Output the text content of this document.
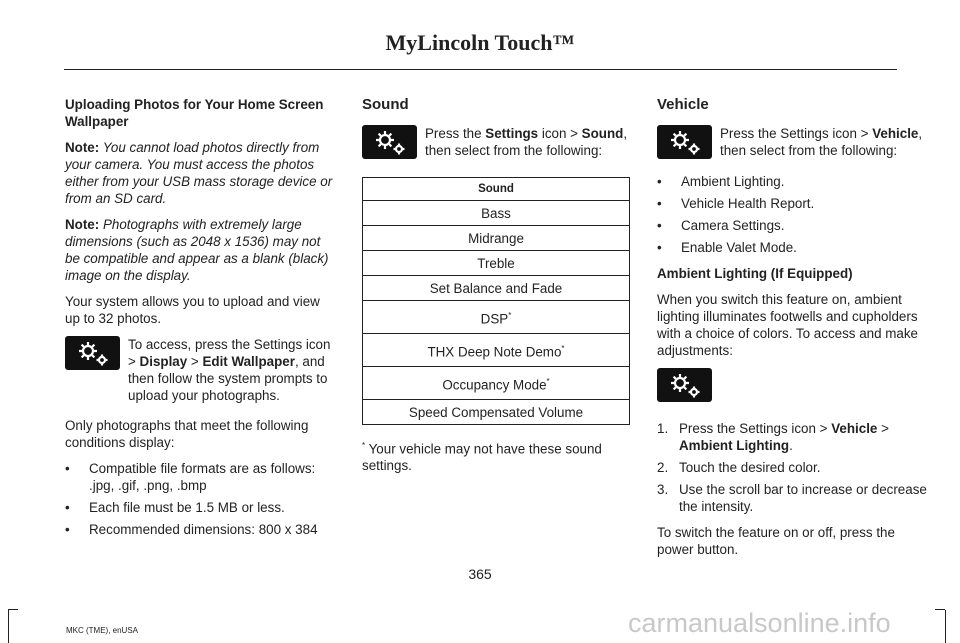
MyLincoln Touch™

Uploading Photos for Your Home Screen Wallpaper

Note: You cannot load photos directly from your camera. You must access the photos either from your USB mass storage device or from an SD card.

Note: Photographs with extremely large dimensions (such as 2048 x 1536) may not be compatible and appear as a blank (black) image on the display.

Your system allows you to upload and view up to 32 photos.

To access, press the Settings icon > Display > Edit Wallpaper, and then follow the system prompts to upload your photographs.

Only photographs that meet the following conditions display:

• Compatible file formats are as follows: .jpg, .gif, .png, .bmp
• Each file must be 1.5 MB or less.
• Recommended dimensions: 800 x 384
Sound
Press the Settings icon > Sound, then select from the following:
Sound
Bass
Midrange
Treble
Set Balance and Fade
DSP*
THX Deep Note Demo*
Occupancy Mode*
Speed Compensated Volume

* Your vehicle may not have these sound settings.

Vehicle
Press the Settings icon > Vehicle, then select from the following:
• Ambient Lighting.
• Vehicle Health Report.
• Camera Settings.
• Enable Valet Mode.

Ambient Lighting (If Equipped)

When you switch this feature on, ambient lighting illuminates footwells and cupholders with a choice of colors. To access and make adjustments:

1. Press the Settings icon > Vehicle > Ambient Lighting.
2. Touch the desired color.
3. Use the scroll bar to increase or decrease the intensity.

To switch the feature on or off, press the power button.

365
MKC (TME), enUSA	carmanualsonline.info
